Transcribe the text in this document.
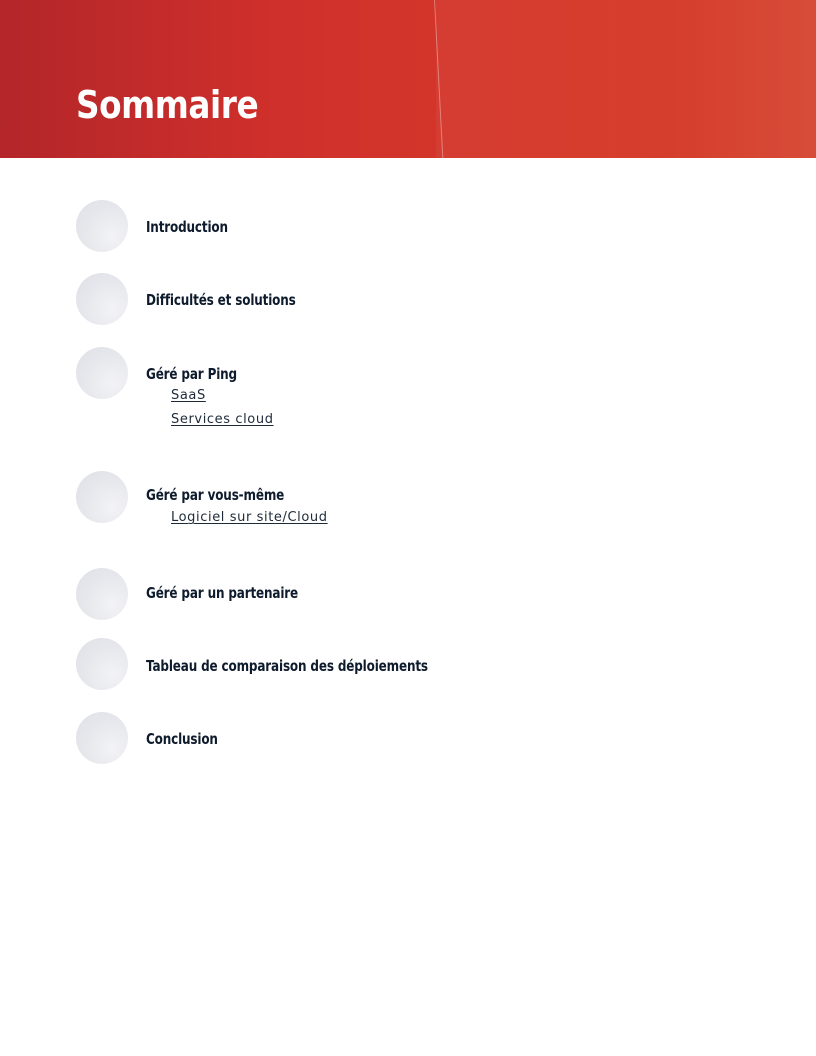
Sommaire

Introduction

Difficultés et solutions

Géré par Ping

SaaS
Services cloud

Géré par vous-même

Logiciel sur site/Cloud

Géré par un partenaire

Tableau de comparaison des déploiements

Conclusion
